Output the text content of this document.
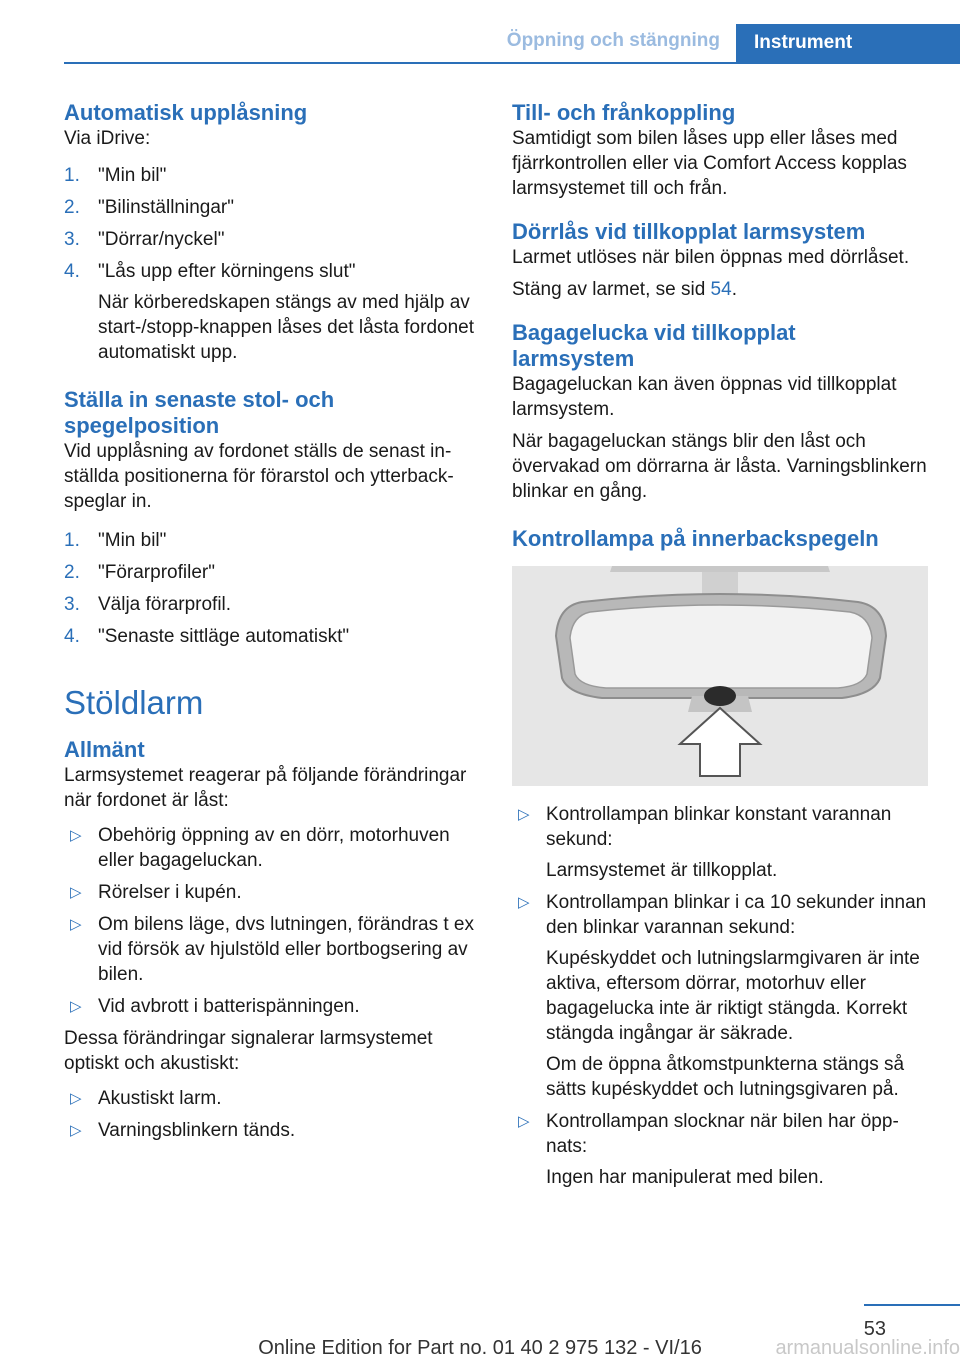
Öppning och stängning	Instrument
Automatisk upplåsning

Via iDrive:

1. "Min bil"
2. "Bilinställningar"
3. "Dörrar/nyckel"
4. "Lås upp efter körningens slut"
När körberedskapen stängs av med hjälp av start-/stopp-knappen låses det låsta fordonet automatiskt upp.
Ställa in senaste stol- och
spegelposition

Vid upplåsning av fordonet ställs de senast inställda positionerna för förarstol och ytterbackspeglar in.

1. "Min bil"
2. "Förarprofiler"
3. Välja förarprofil.
4. "Senaste sittläge automatiskt"
Stöldlarm
Allmänt

Larmsystemet reagerar på följande förändringar när fordonet är låst:

▷ Obehörig öppning av en dörr, motorhuven eller bagageluckan.
▷ Rörelser i kupén.
▷ Om bilens läge, dvs lutningen, förändras t ex vid försök av hjulstöld eller bortbogsering av bilen.
▷ Vid avbrott i batterispänningen.

Dessa förändringar signalerar larmsystemet optiskt och akustiskt:

▷ Akustiskt larm.
▷ Varningsblinkern tänds.
Till- och frånkoppling

Samtidigt som bilen låses upp eller låses med fjärrkontrollen eller via Comfort Access kopplas larmsystemet till och från.

Dörrlås vid tillkopplat larmsystem

Larmet utlöses när bilen öppnas med dörrlåset.

Stäng av larmet, se sid 54.

Bagagelucka vid tillkopplat
larmsystem

Bagageluckan kan även öppnas vid tillkopplat larmsystem.

När bagageluckan stängs blir den låst och övervakad om dörrarna är låsta. Varningsblinkern blinkar en gång.

Kontrollampa på innerbackspegeln
▷ Kontrollampan blinkar konstant varannan sekund:
Larmsystemet är tillkopplat.
▷ Kontrollampan blinkar i ca 10 sekunder innan den blinkar varannan sekund:
Kupéskyddet och lutningslarmgivaren är inte aktiva, eftersom dörrar, motorhuv eller bagagelucka inte är riktigt stängda. Korrekt stängda ingångar är säkrade.
Om de öppna åtkomstpunkterna stängs så sätts kupéskyddet och lutningsgivaren på.
▷ Kontrollampan slocknar när bilen har öppnats:
Ingen har manipulerat med bilen.
53
armanualsonline.info
Online Edition for Part no. 01 40 2 975 132 - VI/16
